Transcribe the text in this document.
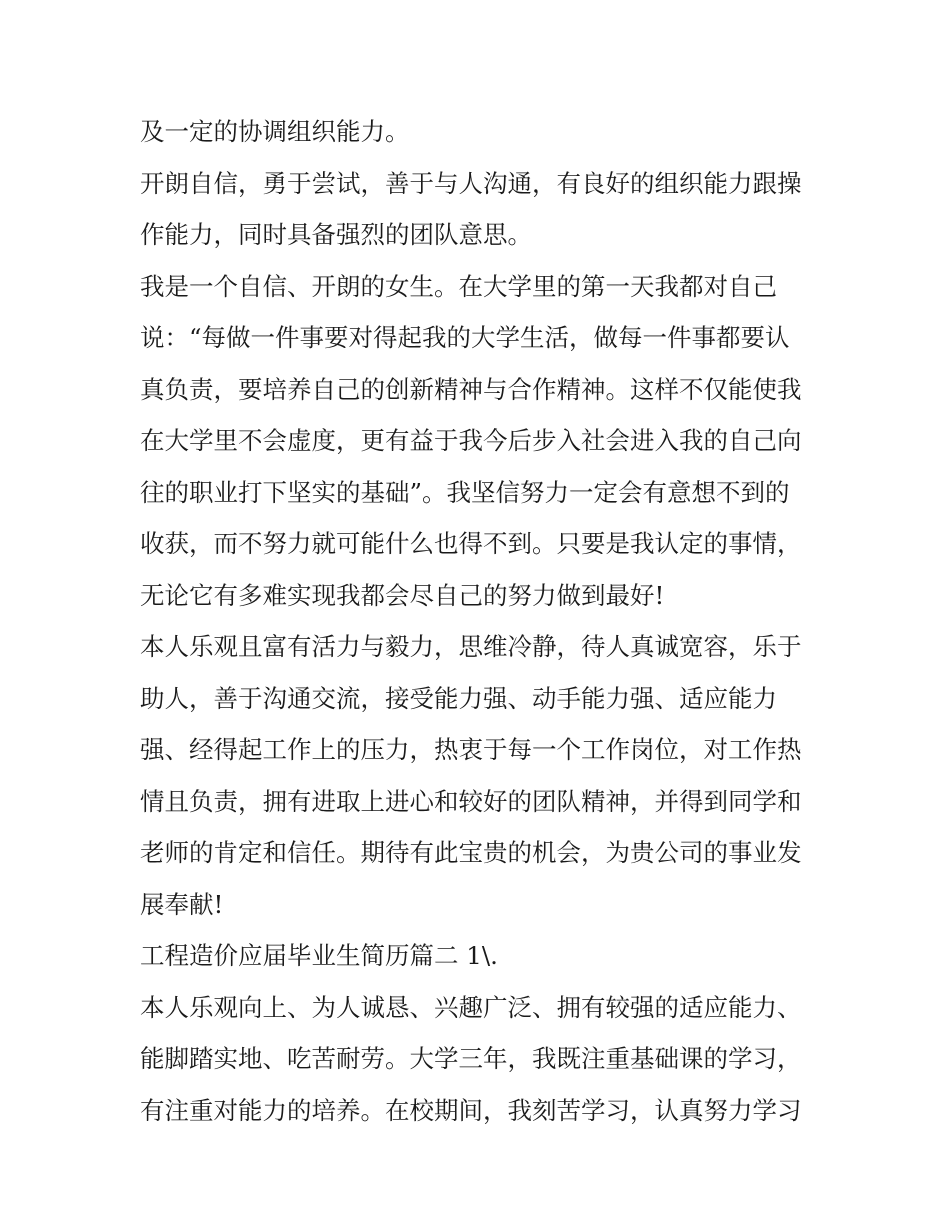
及一定的协调组织能力。
开朗自信，勇于尝试，善于与人沟通，有良好的组织能力跟操
作能力，同时具备强烈的团队意思。
我是一个自信、开朗的女生。在大学里的第一天我都对自己
说：“每做一件事要对得起我的大学生活，做每一件事都要认
真负责，要培养自己的创新精神与合作精神。这样不仅能使我
在大学里不会虚度，更有益于我今后步入社会进入我的自己向
往的职业打下坚实的基础”。我坚信努力一定会有意想不到的
收获，而不努力就可能什么也得不到。只要是我认定的事情，
无论它有多难实现我都会尽自己的努力做到最好!
本人乐观且富有活力与毅力，思维冷静，待人真诚宽容，乐于
助人，善于沟通交流，接受能力强、动手能力强、适应能力
强、经得起工作上的压力，热衷于每一个工作岗位，对工作热
情且负责，拥有进取上进心和较好的团队精神，并得到同学和
老师的肯定和信任。期待有此宝贵的机会，为贵公司的事业发
展奉献!
工程造价应届毕业生简历篇二 1\.
本人乐观向上、为人诚恳、兴趣广泛、拥有较强的适应能力、
能脚踏实地、吃苦耐劳。大学三年，我既注重基础课的学习，
有注重对能力的培养。在校期间，我刻苦学习，认真努力学习
